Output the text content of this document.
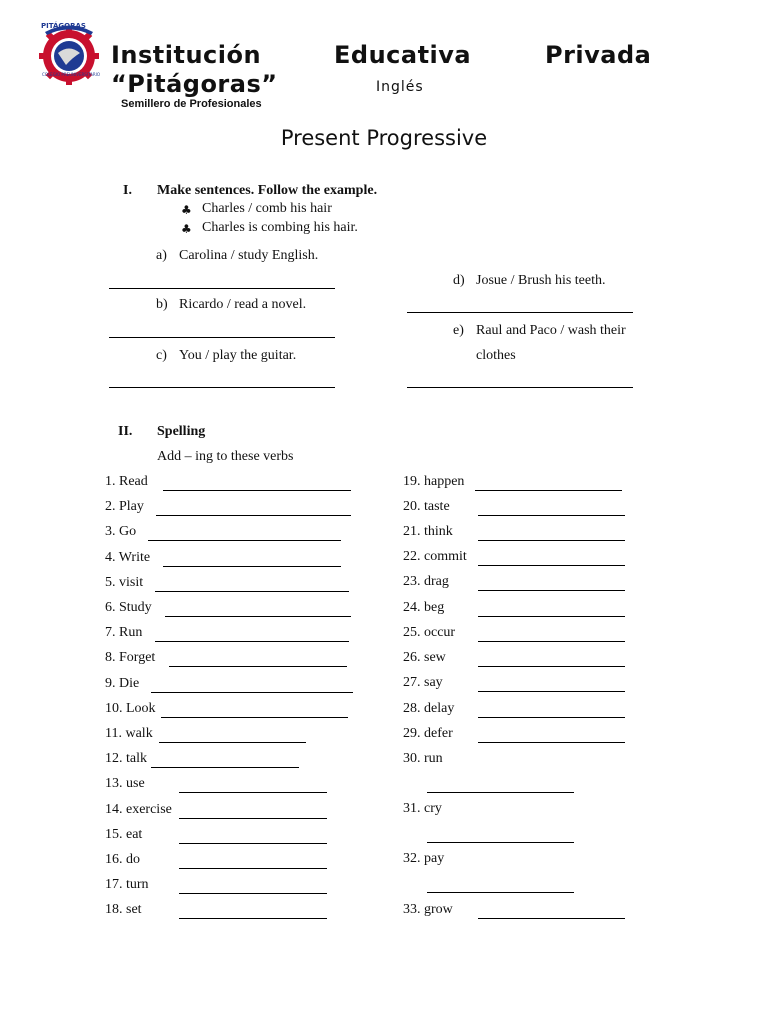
PITÁGORAS
COLEGIO PREUNIVERSITARIO
Institución	Educativa	Privada
“Pitágoras”	Inglés
Semillero de Profesionales
Present Progressive
I. Make sentences. Follow the example.
♣ Charles / comb his hair
♣ Charles is combing his hair.
a) Carolina / study English.
b) Ricardo / read a novel.
c) You / play the guitar.
d) Josue / Brush his teeth.
e) Raul and Paco / wash their
clothes
II. Spelling
Add – ing to these verbs
1. Read
2. Play
3. Go
4. Write
5. visit
6. Study
7. Run
8. Forget
9. Die
10. Look
11. walk
12. talk
13. use
14. exercise
15. eat
16. do
17. turn
18. set
19. happen
20. taste
21. think
22. commit
23. drag
24. beg
25. occur
26. sew
27. say
28. delay
29. defer
30. run
31. cry
32. pay
33. grow
